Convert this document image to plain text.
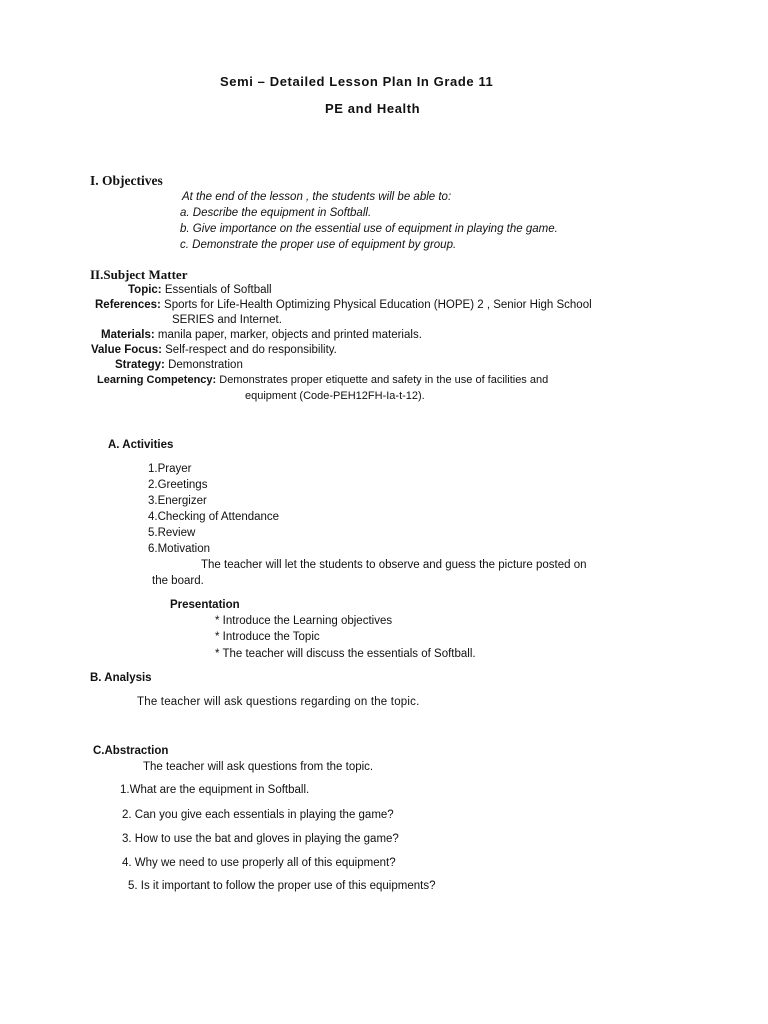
Semi – Detailed Lesson Plan In Grade 11
PE and Health
I. Objectives
At the end of the lesson , the students will be able to:
a. Describe the equipment in Softball.
b. Give importance on the essential use of equipment in playing the game.
c. Demonstrate the proper use of equipment by group.
II.Subject Matter
Topic: Essentials of Softball
References: Sports for Life-Health Optimizing Physical Education (HOPE) 2 , Senior High School
SERIES and Internet.
Materials: manila paper, marker, objects and printed materials.
Value Focus: Self-respect and do responsibility.
Strategy: Demonstration
Learning Competency: Demonstrates proper etiquette and safety in the use of facilities and
equipment (Code-PEH12FH-Ia-t-12).
A. Activities
1.Prayer
2.Greetings
3.Energizer
4.Checking of Attendance
5.Review
6.Motivation
The teacher will let the students to observe and guess the picture posted on
the board.
Presentation
* Introduce the Learning objectives
* Introduce the Topic
* The teacher will discuss the essentials of Softball.
B. Analysis
The teacher will ask questions regarding on the topic.
C.Abstraction
The teacher will ask questions from the topic.
1.What are the equipment in Softball.
2. Can you give each essentials in playing the game?
3. How to use the bat and gloves in playing the game?
4. Why we need to use properly all of this equipment?
5. Is it important to follow the proper use of this equipments?
